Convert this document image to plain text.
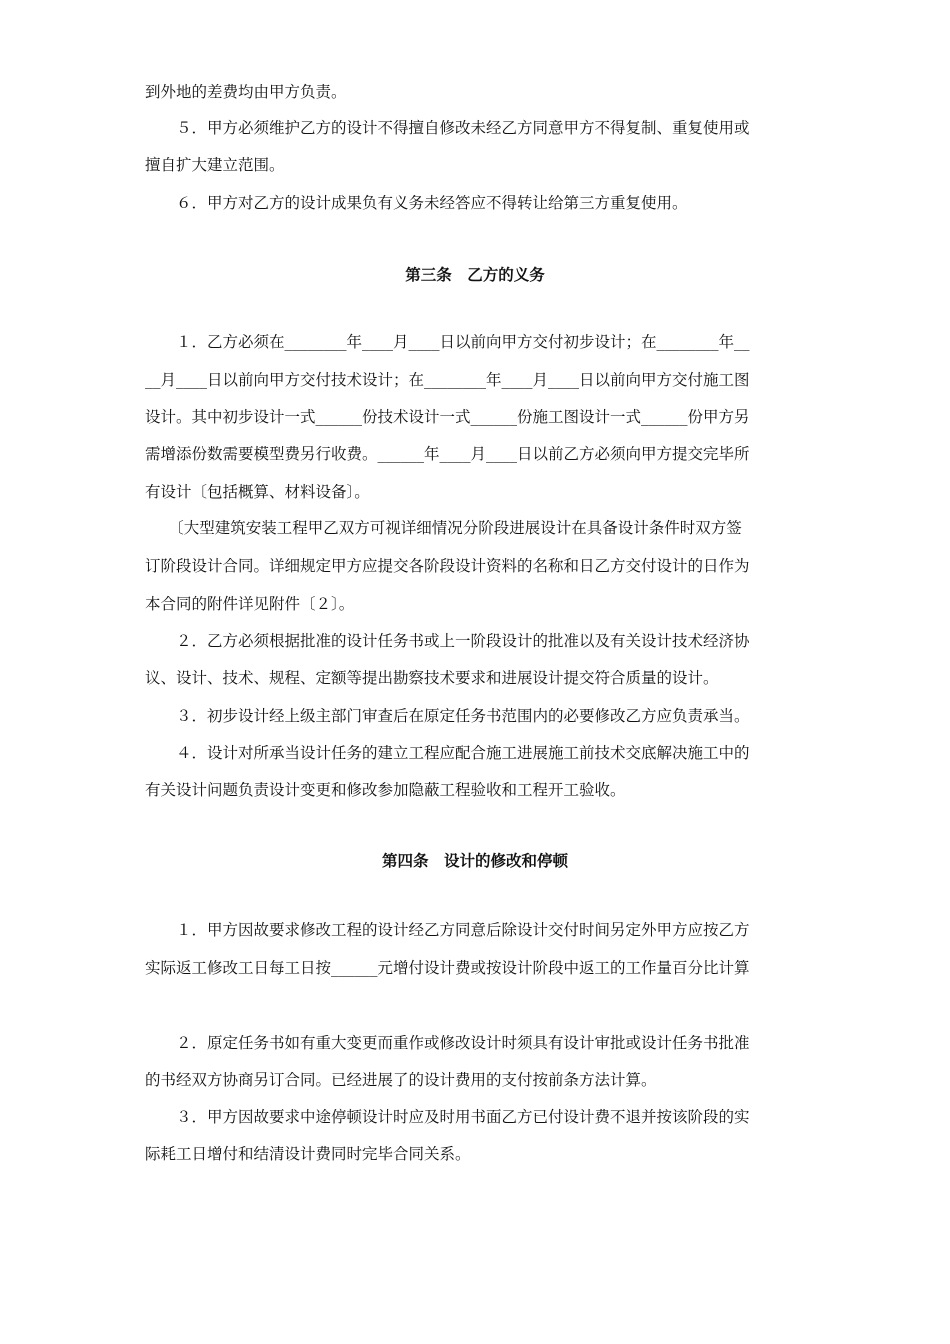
到外地的差费均由甲方负责。
　　５．甲方必须维护乙方的设计不得擅自修改未经乙方同意甲方不得复制、重复使用或
擅自扩大建立范围。
　　６．甲方对乙方的设计成果负有义务未经答应不得转让给第三方重复使用。
第三条　乙方的义务
　　１．乙方必须在________年____月____日以前向甲方交付初步设计；在________年__
__月____日以前向甲方交付技术设计；在________年____月____日以前向甲方交付施工图
设计。其中初步设计一式______份技术设计一式______份施工图设计一式______份甲方另
需增添份数需要模型费另行收费。______年____月____日以前乙方必须向甲方提交完毕所
有设计〔包括概算、材料设备〕。
　　〔大型建筑安装工程甲乙双方可视详细情况分阶段进展设计在具备设计条件时双方签
订阶段设计合同。详细规定甲方应提交各阶段设计资料的名称和日乙方交付设计的日作为
本合同的附件详见附件〔２〕。
　　２．乙方必须根据批准的设计任务书或上一阶段设计的批准以及有关设计技术经济协
议、设计、技术、规程、定额等提出勘察技术要求和进展设计提交符合质量的设计。
　　３．初步设计经上级主部门审查后在原定任务书范围内的必要修改乙方应负责承当。
　　４．设计对所承当设计任务的建立工程应配合施工进展施工前技术交底解决施工中的
有关设计问题负责设计变更和修改参加隐蔽工程验收和工程开工验收。
第四条　设计的修改和停顿
　　１．甲方因故要求修改工程的设计经乙方同意后除设计交付时间另定外甲方应按乙方
实际返工修改工日每工日按______元增付设计费或按设计阶段中返工的工作量百分比计算
　　２．原定任务书如有重大变更而重作或修改设计时须具有设计审批或设计任务书批准
的书经双方协商另订合同。已经进展了的设计费用的支付按前条方法计算。
　　３．甲方因故要求中途停顿设计时应及时用书面乙方已付设计费不退并按该阶段的实
际耗工日增付和结清设计费同时完毕合同关系。
